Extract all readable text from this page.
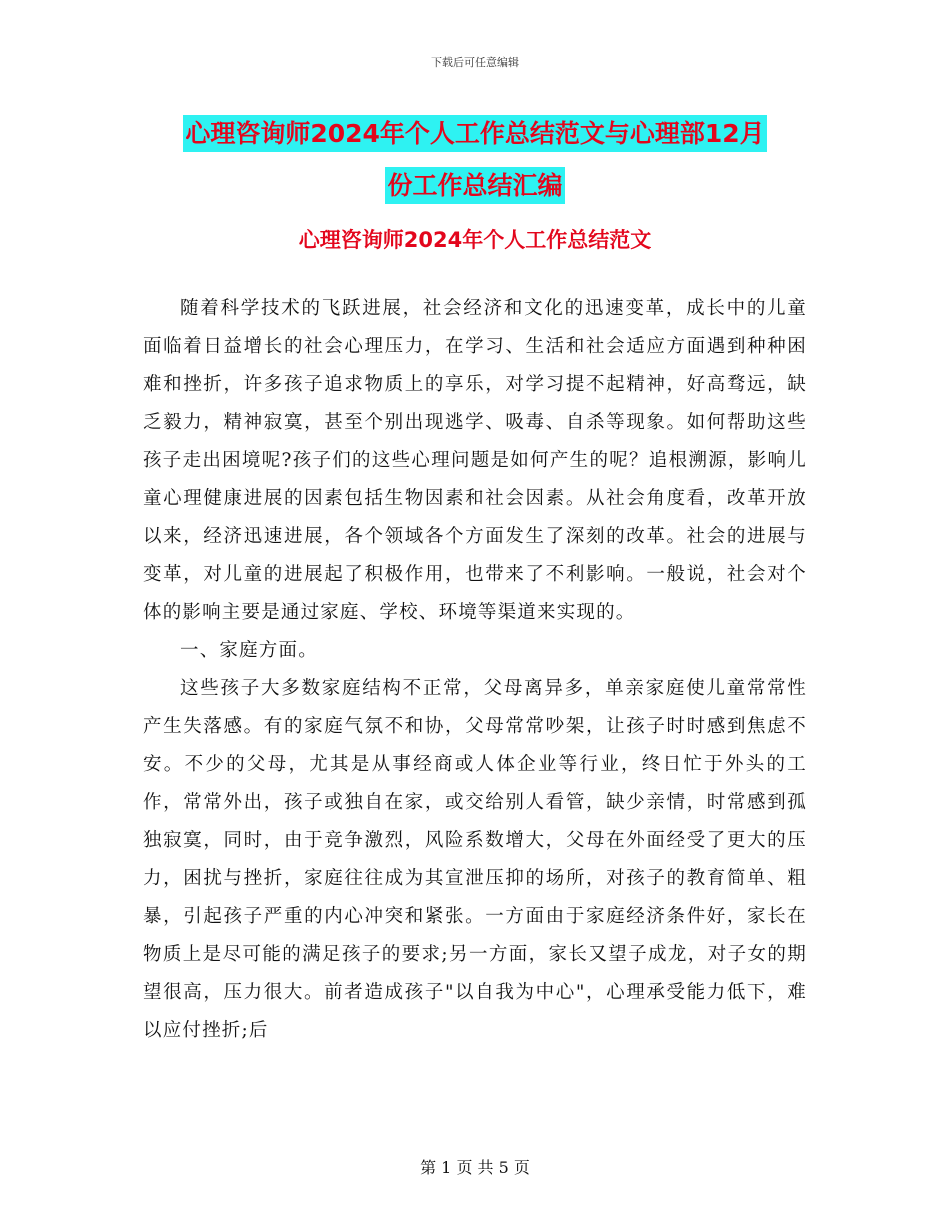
下载后可任意编辑
心理咨询师2024年个人工作总结范文与心理部12月
份工作总结汇编
心理咨询师2024年个人工作总结范文

随着科学技术的飞跃进展，社会经济和文化的迅速变革，成长中的儿童面临着日益增长的社会心理压力，在学习、生活和社会适应方面遇到种种困难和挫折，许多孩子追求物质上的享乐，对学习提不起精神，好高骛远，缺乏毅力，精神寂寞，甚至个别出现逃学、吸毒、自杀等现象。如何帮助这些孩子走出困境呢?孩子们的这些心理问题是如何产生的呢？追根溯源，影响儿童心理健康进展的因素包括生物因素和社会因素。从社会角度看，改革开放以来，经济迅速进展，各个领域各个方面发生了深刻的改革。社会的进展与变革，对儿童的进展起了积极作用，也带来了不利影响。一般说，社会对个体的影响主要是通过家庭、学校、环境等渠道来实现的。

一、家庭方面。

这些孩子大多数家庭结构不正常，父母离异多，单亲家庭使儿童常常性产生失落感。有的家庭气氛不和协，父母常常吵架，让孩子时时感到焦虑不安。不少的父母，尤其是从事经商或人体企业等行业，终日忙于外头的工作，常常外出，孩子或独自在家，或交给别人看管，缺少亲情，时常感到孤独寂寞，同时，由于竞争激烈，风险系数增大，父母在外面经受了更大的压力，困扰与挫折，家庭往往成为其宣泄压抑的场所，对孩子的教育简单、粗暴，引起孩子严重的内心冲突和紧张。一方面由于家庭经济条件好，家长在物质上是尽可能的满足孩子的要求;另一方面，家长又望子成龙，对子女的期望很高，压力很大。前者造成孩子"以自我为中心"，心理承受能力低下，难以应付挫折;后

第 1 页 共 5 页
